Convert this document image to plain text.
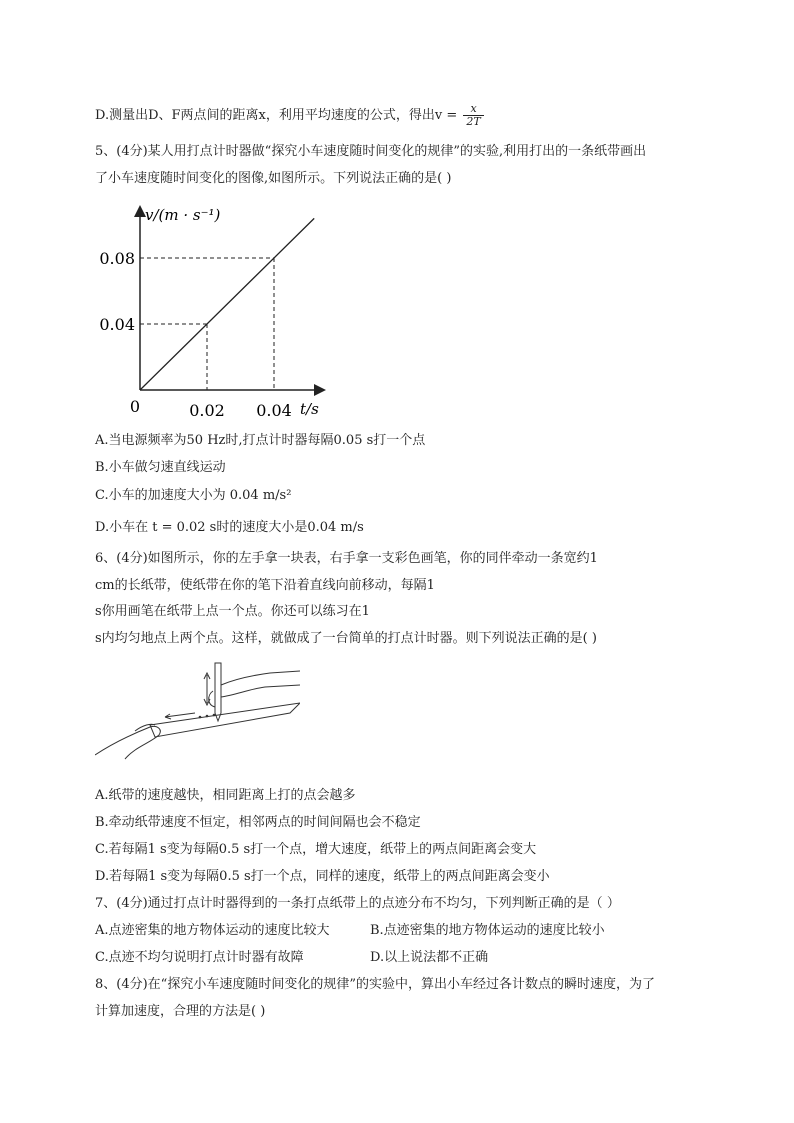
D.测量出D、F两点间的距离x，利用平均速度的公式，得出$v = \frac{x}{2T}$
5、(4分)某人用打点计时器做“探究小车速度随时间变化的规律”的实验,利用打出的一条纸带画出
了小车速度随时间变化的图像,如图所示。下列说法正确的是( )
0	0.02 0.04
0.04
0.08
v/(m · s⁻¹)
t/s
A.当电源频率为50 Hz时,打点计时器每隔0.05 s打一个点
B.小车做匀速直线运动
C.小车的加速度大小为 0.04 m/s²
D.小车在 t = 0.02 s时的速度大小是0.04 m/s
6、(4分)如图所示，你的左手拿一块表，右手拿一支彩色画笔，你的同伴牵动一条宽约1
cm的长纸带，使纸带在你的笔下沿着直线向前移动，每隔1
s你用画笔在纸带上点一个点。你还可以练习在1
s内均匀地点上两个点。这样，就做成了一台简单的打点计时器。则下列说法正确的是( )
A.纸带的速度越快，相同距离上打的点会越多
B.牵动纸带速度不恒定，相邻两点的时间间隔也会不稳定
C.若每隔1 s变为每隔0.5 s打一个点，增大速度，纸带上的两点间距离会变大
D.若每隔1 s变为每隔0.5 s打一个点，同样的速度，纸带上的两点间距离会变小
7、(4分)通过打点计时器得到的一条打点纸带上的点迹分布不均匀，下列判断正确的是（ ）
A.点迹密集的地方物体运动的速度比较大	B.点迹密集的地方物体运动的速度比较小
C.点迹不均匀说明打点计时器有故障	D.以上说法都不正确
8、(4分)在“探究小车速度随时间变化的规律”的实验中，算出小车经过各计数点的瞬时速度，为了
计算加速度，合理的方法是( )
